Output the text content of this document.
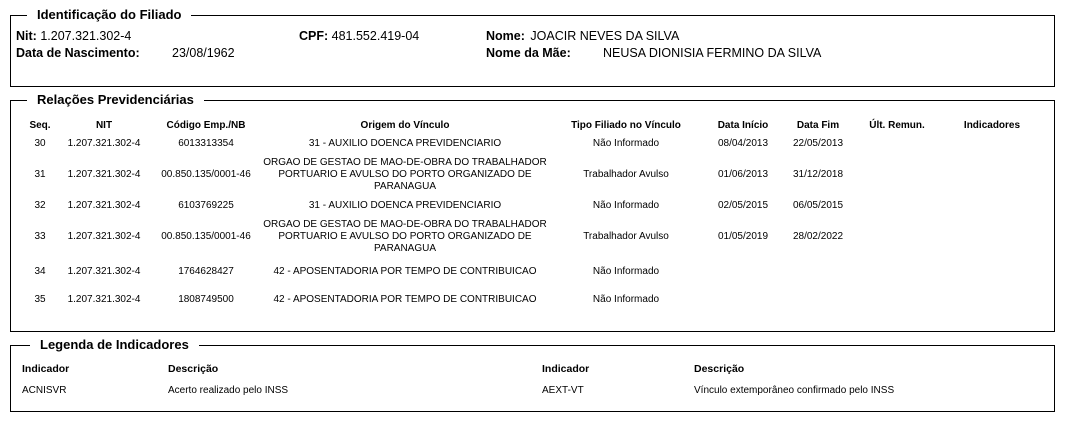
Identificação do Filiado
Nit: 1.207.321.302-4	CPF: 481.552.419-04	Nome: JOACIR NEVES DA SILVA
Data de Nascimento:	23/08/1962	Nome da Mãe:	NEUSA DIONISIA FERMINO DA SILVA
Relações Previdenciárias
Seq.	NIT	Código Emp./NB	Origem do Vínculo	Tipo Filiado no Vínculo	Data Início	Data Fim	Últ. Remun.	Indicadores
30	1.207.321.302-4	6013313354	31 - AUXILIO DOENCA PREVIDENCIARIO	Não Informado	08/04/2013	22/05/2013		
31	1.207.321.302-4	00.850.135/0001-46	ORGAO DE GESTAO DE MAO-DE-OBRA DO TRABALHADOR PORTUARIO E AVULSO DO PORTO ORGANIZADO DE PARANAGUA	Trabalhador Avulso	01/06/2013	31/12/2018		
32	1.207.321.302-4	6103769225	31 - AUXILIO DOENCA PREVIDENCIARIO	Não Informado	02/05/2015	06/05/2015		
33	1.207.321.302-4	00.850.135/0001-46	ORGAO DE GESTAO DE MAO-DE-OBRA DO TRABALHADOR PORTUARIO E AVULSO DO PORTO ORGANIZADO DE PARANAGUA	Trabalhador Avulso	01/05/2019	28/02/2022		
34	1.207.321.302-4	1764628427	42 - APOSENTADORIA POR TEMPO DE CONTRIBUICAO	Não Informado				
35	1.207.321.302-4	1808749500	42 - APOSENTADORIA POR TEMPO DE CONTRIBUICAO	Não Informado				
Legenda de Indicadores
Indicador	Descrição	Indicador	Descrição
ACNISVR	Acerto realizado pelo INSS	AEXT-VT	Vínculo extemporâneo confirmado pelo INSS
